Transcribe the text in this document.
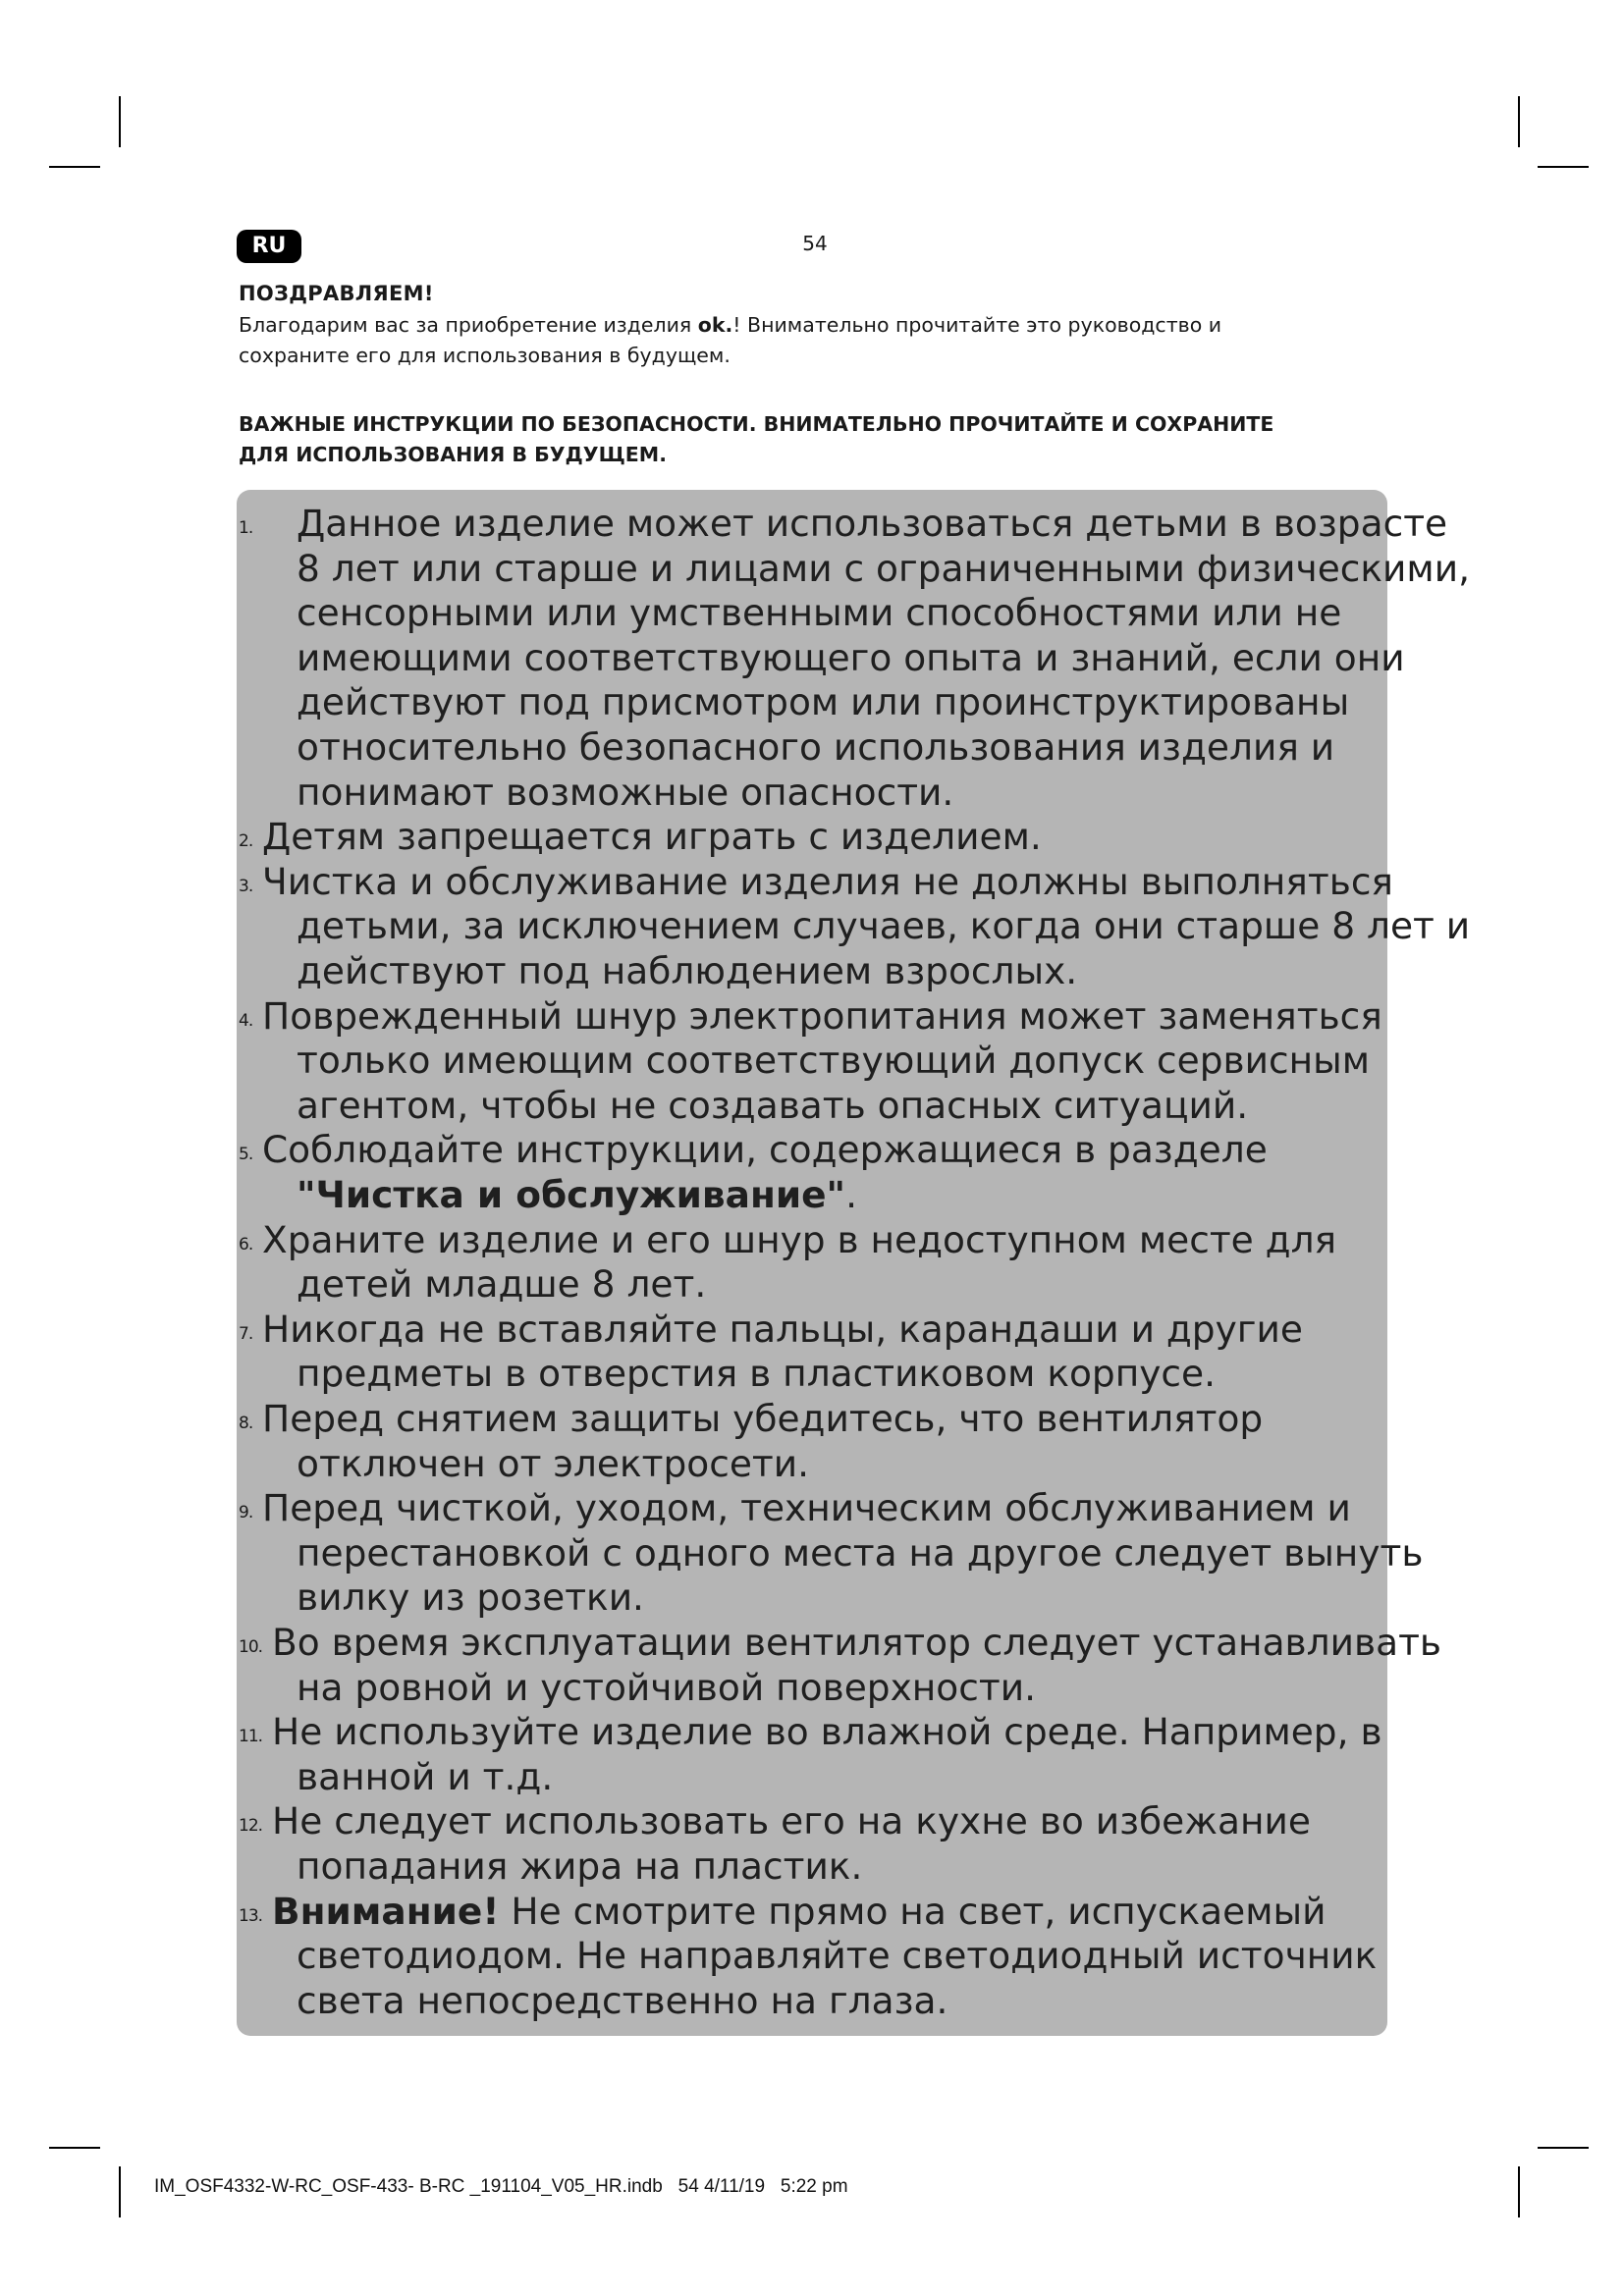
RU	54
ПОЗДРАВЛЯЕМ!
Благодарим вас за приобретение изделия ok.! Внимательно прочитайте это руководство и
сохраните его для использования в будущем.
ВАЖНЫЕ ИНСТРУКЦИИ ПО БЕЗОПАСНОСТИ. ВНИМАТЕЛЬНО ПРОЧИТАЙТЕ И СОХРАНИТЕ
ДЛЯ ИСПОЛЬЗОВАНИЯ В БУДУЩЕМ.
1. Данное изделие может использоваться детьми в возрасте
8 лет или старше и лицами с ограниченными физическими,
сенсорными или умственными способностями или не
имеющими соответствующего опыта и знаний, если они
действуют под присмотром или проинструктированы
относительно безопасного использования изделия и
понимают возможные опасности.
2. Детям запрещается играть с изделием.
3. Чистка и обслуживание изделия не должны выполняться
детьми, за исключением случаев, когда они старше 8 лет и
действуют под наблюдением взрослых.
4. Поврежденный шнур электропитания может заменяться
только имеющим соответствующий допуск сервисным
агентом, чтобы не создавать опасных ситуаций.
5. Соблюдайте инструкции, содержащиеся в разделе
"Чистка и обслуживание".
6. Храните изделие и его шнур в недоступном месте для
детей младше 8 лет.
7. Никогда не вставляйте пальцы, карандаши и другие
предметы в отверстия в пластиковом корпусе.
8. Перед снятием защиты убедитесь, что вентилятор
отключен от электросети.
9. Перед чисткой, уходом, техническим обслуживанием и
перестановкой с одного места на другое следует вынуть
вилку из розетки.
10. Во время эксплуатации вентилятор следует устанавливать
на ровной и устойчивой поверхности.
11. Не используйте изделие во влажной среде. Например, в
ванной и т.д.
12. Не следует использовать его на кухне во избежание
попадания жира на пластик.
13. Внимание! Не смотрите прямо на свет, испускаемый
светодиодом. Не направляйте светодиодный источник
света непосредственно на глаза.
IM_OSF4332-W-RC_OSF-433- B-RC _191104_V05_HR.indb   54 4/11/19   5:22 pm
